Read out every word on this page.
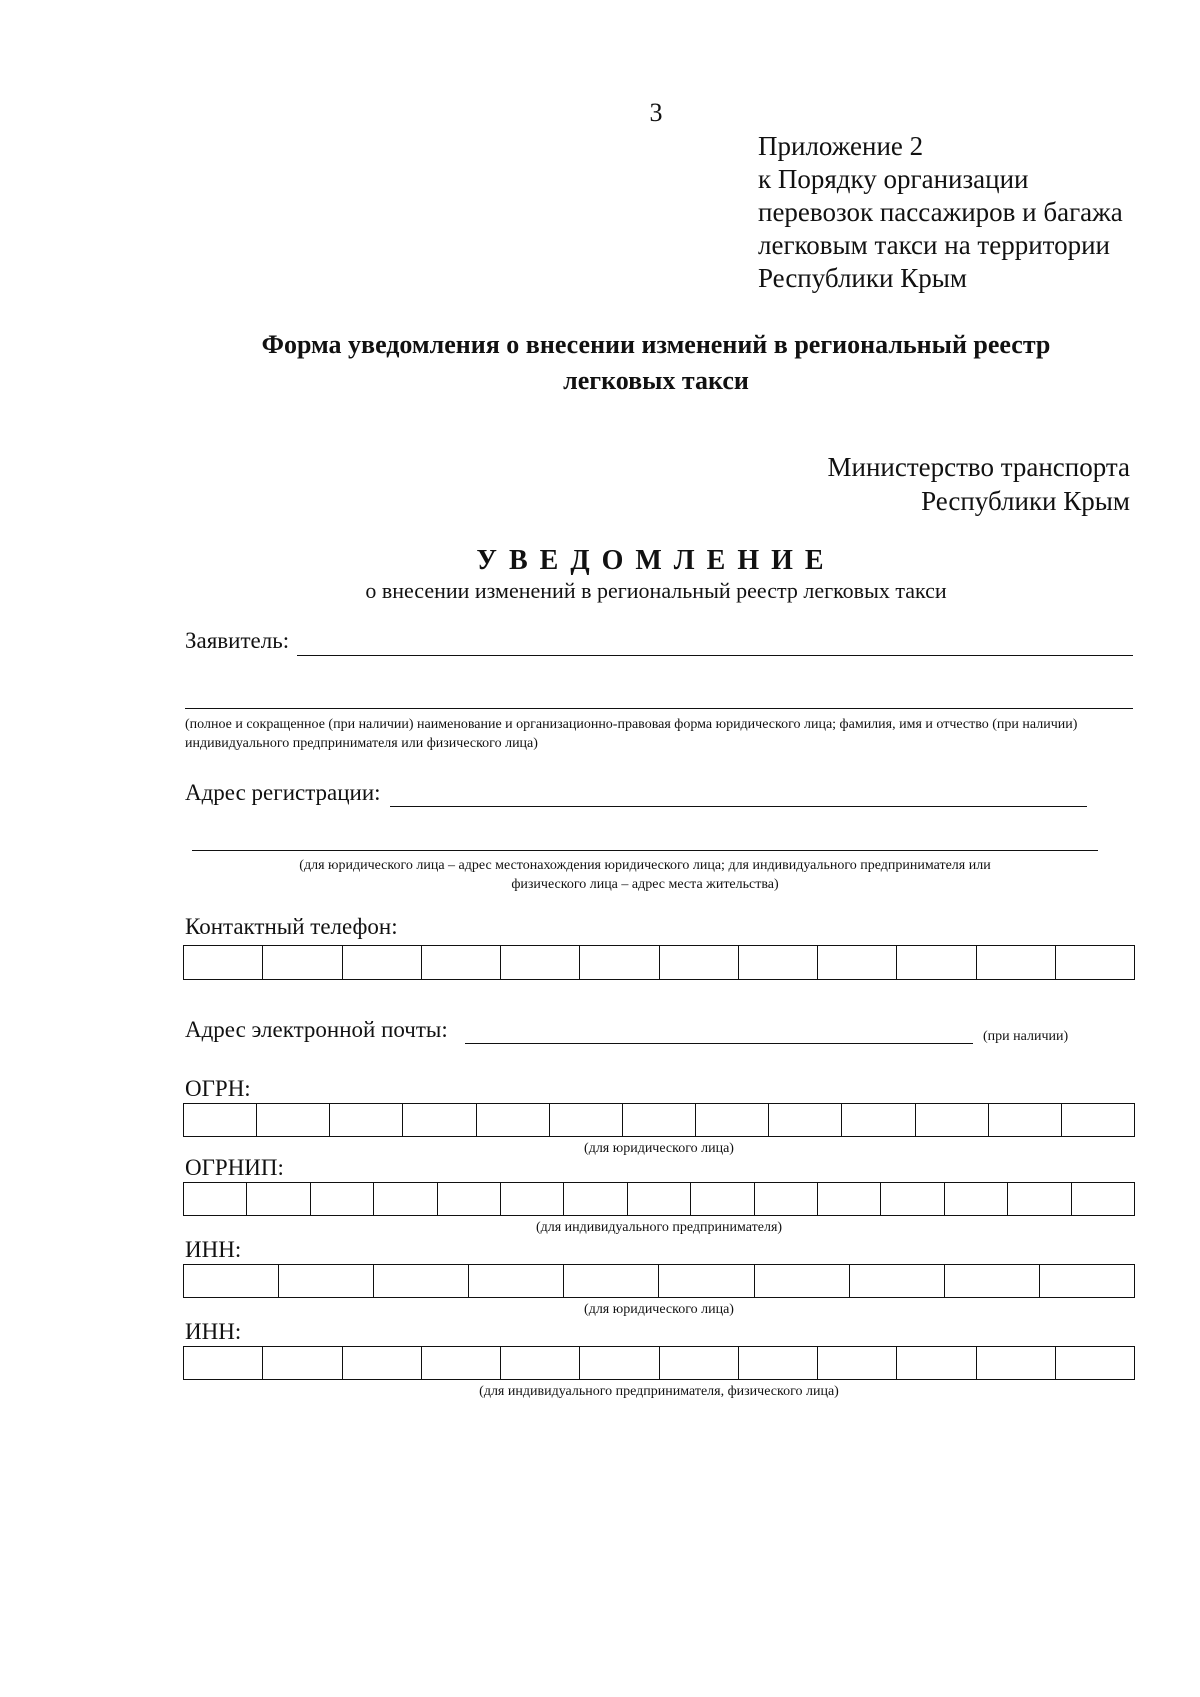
3
Приложение 2
к Порядку организации
перевозок пассажиров и багажа
легковым такси на территории
Республики Крым
Форма уведомления о внесении изменений в региональный реестр
легковых такси
Министерство транспорта
Республики Крым
УВЕДОМЛЕНИЕ
о внесении изменений в региональный реестр легковых такси
Заявитель:
(полное и сокращенное (при наличии) наименование и организационно-правовая форма юридического лица; фамилия, имя и отчество (при наличии) индивидуального предпринимателя или физического лица)
Адрес регистрации:
(для юридического лица – адрес местонахождения юридического лица; для индивидуального предпринимателя или
физического лица – адрес места жительства)
Контактный телефон:
Адрес электронной почты:	(при наличии)
ОГРН:
(для юридического лица)
ОГРНИП:
(для индивидуального предпринимателя)
ИНН:
(для юридического лица)
ИНН:
(для индивидуального предпринимателя, физического лица)
